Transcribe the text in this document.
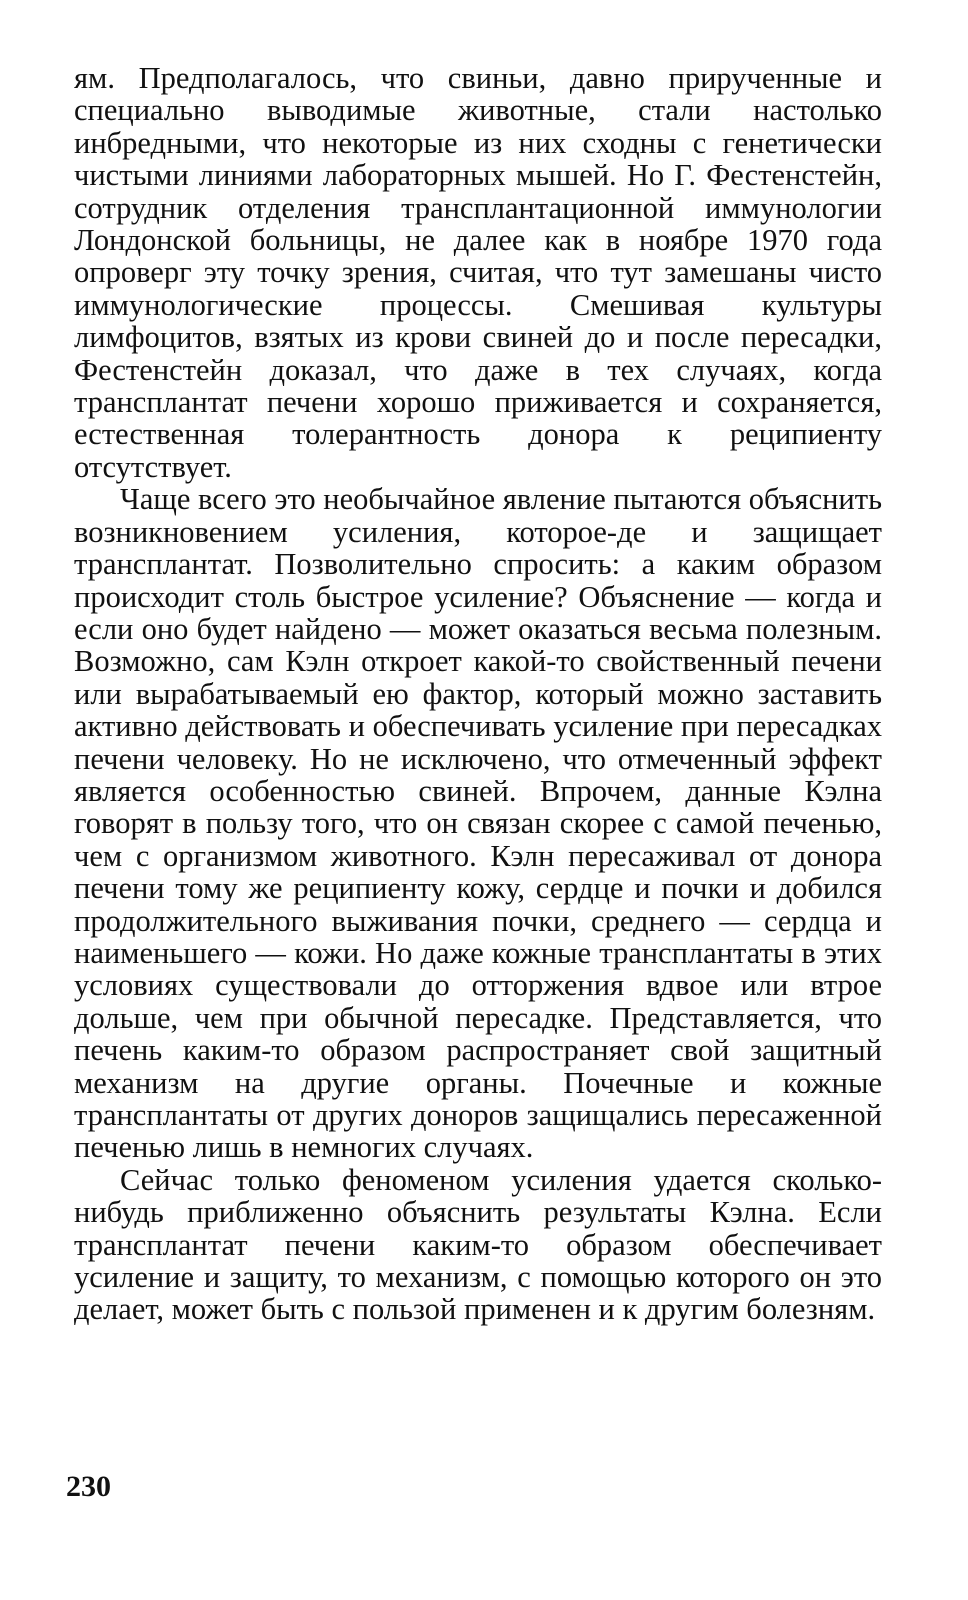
ям. Предполагалось, что свиньи, давно прирученные и специально выводимые животные, стали настолько инбредными, что некоторые из них сходны с генетически чистыми линиями лабораторных мышей. Но Г. Фестенстейн, сотрудник отделения трансплантационной иммунологии Лондонской больницы, не далее как в ноябре 1970 года опроверг эту точку зрения, считая, что тут замешаны чисто иммунологические процессы. Смешивая культуры лимфоцитов, взятых из крови свиней до и после пересадки, Фестенстейн доказал, что даже в тех случаях, когда трансплантат печени хорошо приживается и сохраняется, естественная толерантность донора к реципиенту отсутствует.

Чаще всего это необычайное явление пытаются объяснить возникновением усиления, которое-де и защищает трансплантат. Позволительно спросить: а каким образом происходит столь быстрое усиление? Объяснение — когда и если оно будет найдено — может оказаться весьма полезным. Возможно, сам Кэлн откроет какой-то свойственный печени или вырабатываемый ею фактор, который можно заставить активно действовать и обеспечивать усиление при пересадках печени человеку. Но не исключено, что отмеченный эффект является особенностью свиней. Впрочем, данные Кэлна говорят в пользу того, что он связан скорее с самой печенью, чем с организмом животного. Кэлн пересаживал от донора печени тому же реципиенту кожу, сердце и почки и добился продолжительного выживания почки, среднего — сердца и наименьшего — кожи. Но даже кожные трансплантаты в этих условиях существовали до отторжения вдвое или втрое дольше, чем при обычной пересадке. Представляется, что печень каким-то образом распространяет свой защитный механизм на другие органы. Почечные и кожные трансплантаты от других доноров защищались пересаженной печенью лишь в немногих случаях.

Сейчас только феноменом усиления удается сколько-нибудь приближенно объяснить результаты Кэлна. Если трансплантат печени каким-то образом обеспечивает усиление и защиту, то механизм, с помощью которого он это делает, может быть с пользой применен и к другим болезням.

230
